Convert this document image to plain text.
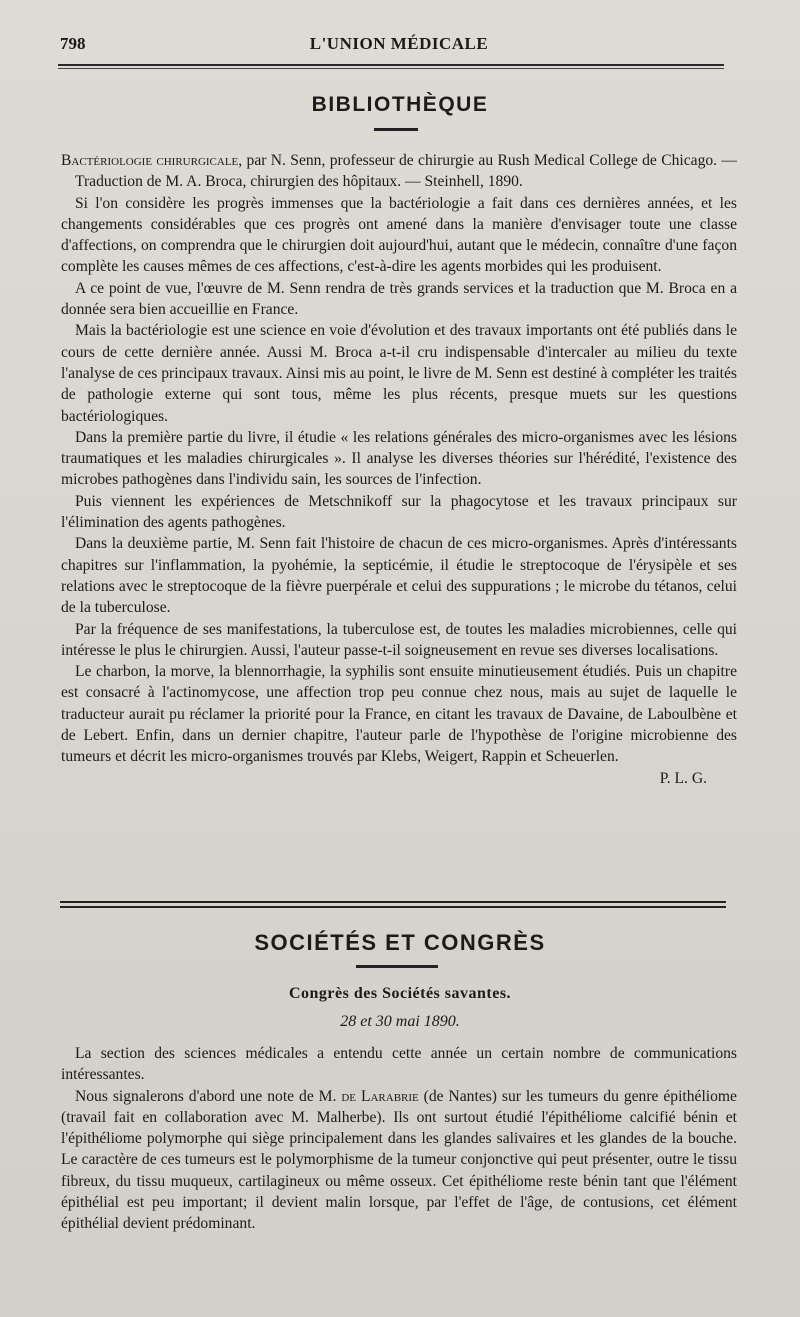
798	L'UNION MÉDICALE
BIBLIOTHÈQUE

Bactériologie chirurgicale, par N. Senn, professeur de chirurgie au Rush Medical College de Chicago. — Traduction de M. A. Broca, chirurgien des hôpitaux. — Steinhell, 1890.

Si l'on considère les progrès immenses que la bactériologie a fait dans ces dernières années, et les changements considérables que ces progrès ont amené dans la manière d'envisager toute une classe d'affections, on comprendra que le chirurgien doit aujourd'hui, autant que le médecin, connaître d'une façon complète les causes mêmes de ces affections, c'est-à-dire les agents morbides qui les produisent.

A ce point de vue, l'œuvre de M. Senn rendra de très grands services et la traduction que M. Broca en a donnée sera bien accueillie en France.

Mais la bactériologie est une science en voie d'évolution et des travaux importants ont été publiés dans le cours de cette dernière année. Aussi M. Broca a-t-il cru indispensable d'intercaler au milieu du texte l'analyse de ces principaux travaux. Ainsi mis au point, le livre de M. Senn est destiné à compléter les traités de pathologie externe qui sont tous, même les plus récents, presque muets sur les questions bactériologiques.

Dans la première partie du livre, il étudie « les relations générales des micro-organismes avec les lésions traumatiques et les maladies chirurgicales ». Il analyse les diverses théories sur l'hérédité, l'existence des microbes pathogènes dans l'individu sain, les sources de l'infection.

Puis viennent les expériences de Metschnikoff sur la phagocytose et les travaux principaux sur l'élimination des agents pathogènes.

Dans la deuxième partie, M. Senn fait l'histoire de chacun de ces micro-organismes. Après d'intéressants chapitres sur l'inflammation, la pyohémie, la septicémie, il étudie le streptocoque de l'érysipèle et ses relations avec le streptocoque de la fièvre puerpérale et celui des suppurations ; le microbe du tétanos, celui de la tuberculose.

Par la fréquence de ses manifestations, la tuberculose est, de toutes les maladies microbiennes, celle qui intéresse le plus le chirurgien. Aussi, l'auteur passe-t-il soigneusement en revue ses diverses localisations.

Le charbon, la morve, la blennorrhagie, la syphilis sont ensuite minutieusement étudiés. Puis un chapitre est consacré à l'actinomycose, une affection trop peu connue chez nous, mais au sujet de laquelle le traducteur aurait pu réclamer la priorité pour la France, en citant les travaux de Davaine, de Laboulbène et de Lebert. Enfin, dans un dernier chapitre, l'auteur parle de l'hypothèse de l'origine microbienne des tumeurs et décrit les micro-organismes trouvés par Klebs, Weigert, Rappin et Scheuerlen.

P. L. G.

SOCIÉTÉS ET CONGRÈS
Congrès des Sociétés savantes.
28 et 30 mai 1890.

La section des sciences médicales a entendu cette année un certain nombre de communications intéressantes.

Nous signalerons d'abord une note de M. de Larabrie (de Nantes) sur les tumeurs du genre épithéliome (travail fait en collaboration avec M. Malherbe). Ils ont surtout étudié l'épithéliome calcifié bénin et l'épithéliome polymorphe qui siège principalement dans les glandes salivaires et les glandes de la bouche. Le caractère de ces tumeurs est le polymorphisme de la tumeur conjonctive qui peut présenter, outre le tissu fibreux, du tissu muqueux, cartilagineux ou même osseux. Cet épithéliome reste bénin tant que l'élément épithélial est peu important; il devient malin lorsque, par l'effet de l'âge, de contusions, cet élément épithélial devient prédominant.
